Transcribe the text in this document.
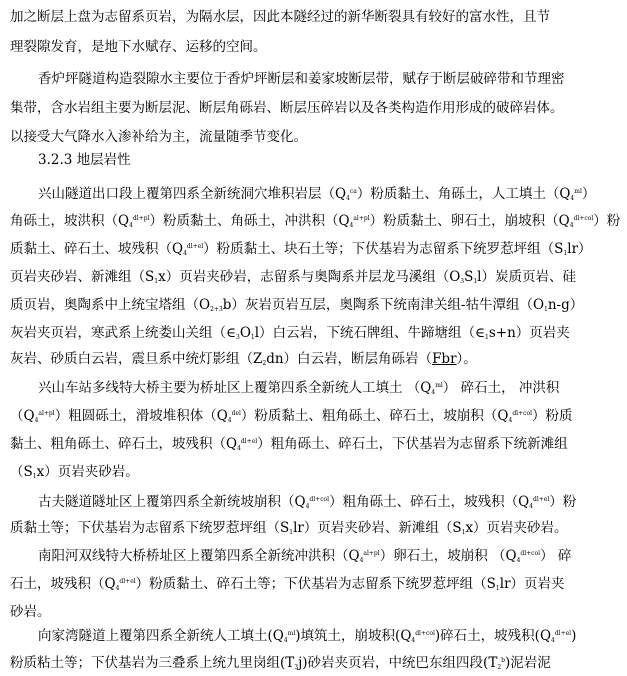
加之断层上盘为志留系页岩，为隔水层，因此本隧经过的新华断裂具有较好的富水性，且节
理裂隙发育，是地下水赋存、运移的空间。
香炉坪隧道构造裂隙水主要位于香炉坪断层和姜家坡断层带，赋存于断层破碎带和节理密
集带，含水岩组主要为断层泥、断层角砾岩、断层压碎岩以及各类构造作用形成的破碎岩体。
以接受大气降水入渗补给为主，流量随季节变化。
3.2.3 地层岩性
兴山隧道出口段上覆第四系全新统洞穴堆积岩层$(Q_4^{ca})$粉质黏土、角砾土，人工填土$(Q_4^{ml})$
角砾土，坡洪积$(Q_4^{dl+pl})$粉质黏土、角砾土，冲洪积$(Q_4^{al+pl})$粉质黏土、卵石土，崩坡积$(Q_4^{dl+col})$粉
质黏土、碎石土、坡残积$(Q_4^{dl+el})$粉质黏土、块石土等；下伏基岩为志留系下统罗惹坪组$(S_1lr)$
页岩夹砂岩、新滩组$(S_1x)$页岩夹砂岩，志留系与奥陶系并层龙马溪组$(O_3S_1l)$炭质页岩、硅
质页岩，奥陶系中上统宝塔组$(O_{2+3}b)$灰岩页岩互层，奥陶系下统南津关组-牯牛潭组$(O_1n-g)$
灰岩夹页岩，寒武系上统娄山关组$(\in_3O_1l)$白云岩，下统石牌组、牛蹄塘组$(\in_1s+n)$页岩夹
灰岩、砂质白云岩，震旦系中统灯影组$(Z_2dn)$白云岩，断层角砾岩（Fbr）。
兴山车站多线特大桥主要为桥址区上覆第四系全新统人工填土 $(Q_4^{ml})$ 碎石土， 冲洪积
$(Q_4^{al+pl})$粗圆砾土，滑坡堆积体$(Q_4^{del})$粉质黏土、粗角砾土、碎石土，坡崩积$(Q_4^{dl+col})$粉质
黏土、粗角砾土、碎石土，坡残积$(Q_4^{dl+el})$粗角砾土、碎石土，下伏基岩为志留系下统新滩组
$(S_1x)$页岩夹砂岩。
古夫隧道隧址区上覆第四系全新统坡崩积$(Q_4^{dl+col})$粗角砾土、碎石土，坡残积$(Q_4^{dl+el})$粉
质黏土等；下伏基岩为志留系下统罗惹坪组$(S_1lr)$页岩夹砂岩、新滩组$(S_1x)$页岩夹砂岩。
南阳河双线特大桥桥址区上覆第四系全新统冲洪积$(Q_4^{al+pl})$卵石土，坡崩积 $(Q_4^{dl+col})$ 碎
石土，坡残积$(Q_4^{dl+el})$粉质黏土、碎石土等；下伏基岩为志留系下统罗惹坪组$(S_1lr)$页岩夹
砂岩。
向家湾隧道上覆第四系全新统人工填土$(Q_4^{ml})$填筑土，崩坡积$(Q_4^{dl+col})$碎石土，坡残积$(Q_4^{dl+el})$
粉质粘土等；下伏基岩为三叠系上统九里岗组$(T_3j)$砂岩夹页岩，中统巴东组四段$(T_2^b)$泥岩泥
